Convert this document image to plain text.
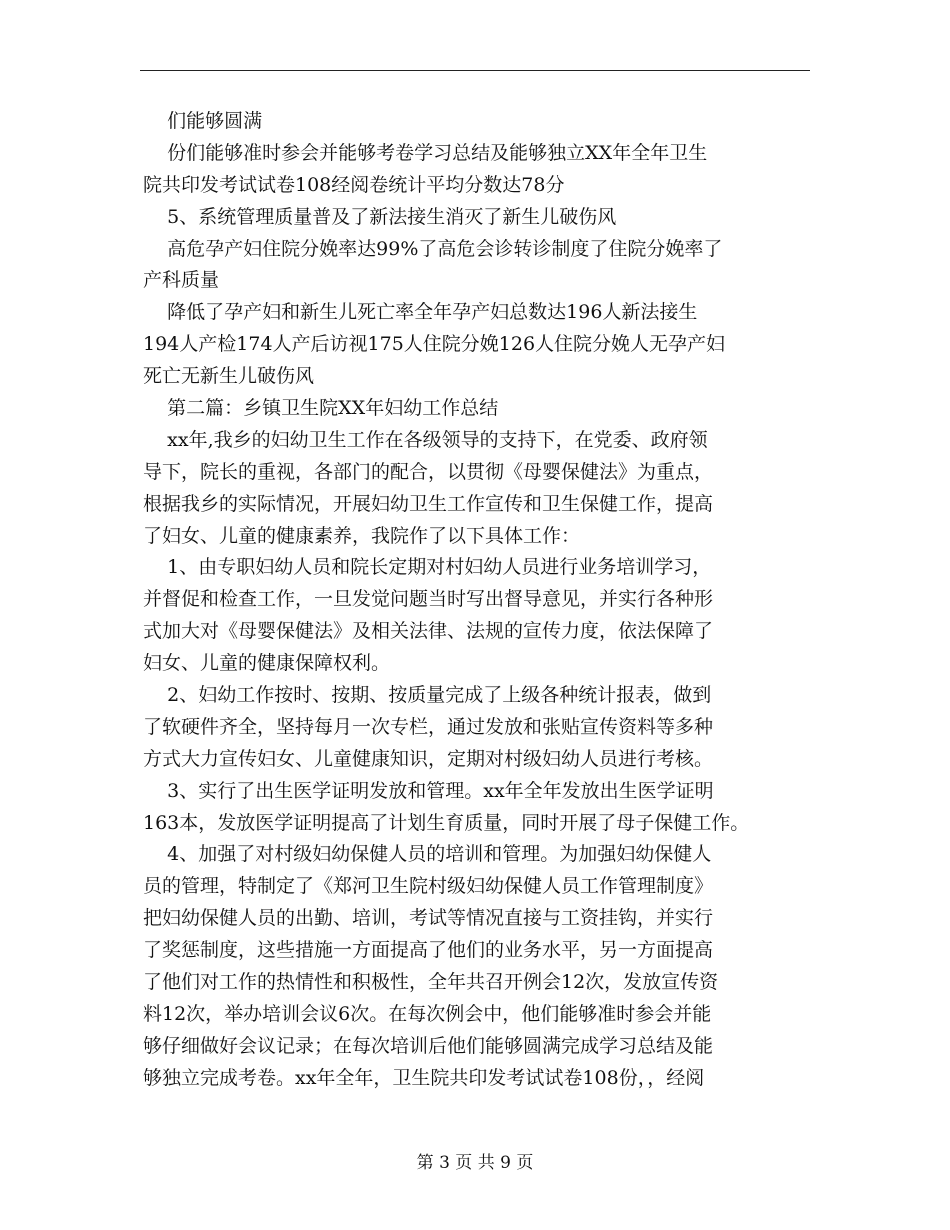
们能够圆满
份们能够准时参会并能够考卷学习总结及能够独立XX年全年卫生
院共印发考试试卷108经阅卷统计平均分数达78分
5、系统管理质量普及了新法接生消灭了新生儿破伤风
高危孕产妇住院分娩率达99%了高危会诊转诊制度了住院分娩率了
产科质量
降低了孕产妇和新生儿死亡率全年孕产妇总数达196人新法接生
194人产检174人产后访视175人住院分娩126人住院分娩人无孕产妇
死亡无新生儿破伤风
第二篇：乡镇卫生院XX年妇幼工作总结
xx年,我乡的妇幼卫生工作在各级领导的支持下，在党委、政府领
导下，院长的重视，各部门的配合，以贯彻《母婴保健法》为重点，
根据我乡的实际情况，开展妇幼卫生工作宣传和卫生保健工作，提高
了妇女、儿童的健康素养，我院作了以下具体工作：
1、由专职妇幼人员和院长定期对村妇幼人员进行业务培训学习，
并督促和检查工作，一旦发觉问题当时写出督导意见，并实行各种形
式加大对《母婴保健法》及相关法律、法规的宣传力度，依法保障了
妇女、儿童的健康保障权利。
2、妇幼工作按时、按期、按质量完成了上级各种统计报表，做到
了软硬件齐全，坚持每月一次专栏，通过发放和张贴宣传资料等多种
方式大力宣传妇女、儿童健康知识，定期对村级妇幼人员进行考核。
3、实行了出生医学证明发放和管理。xx年全年发放出生医学证明
163本，发放医学证明提高了计划生育质量，同时开展了母子保健工作。
4、加强了对村级妇幼保健人员的培训和管理。为加强妇幼保健人
员的管理，特制定了《郑河卫生院村级妇幼保健人员工作管理制度》
把妇幼保健人员的出勤、培训，考试等情况直接与工资挂钩，并实行
了奖惩制度，这些措施一方面提高了他们的业务水平，另一方面提高
了他们对工作的热情性和积极性，全年共召开例会12次，发放宣传资
料12次，举办培训会议6次。在每次例会中，他们能够准时参会并能
够仔细做好会议记录；在每次培训后他们能够圆满完成学习总结及能
够独立完成考卷。xx年全年，卫生院共印发考试试卷108份，，经阅
第 3 页 共 9 页
